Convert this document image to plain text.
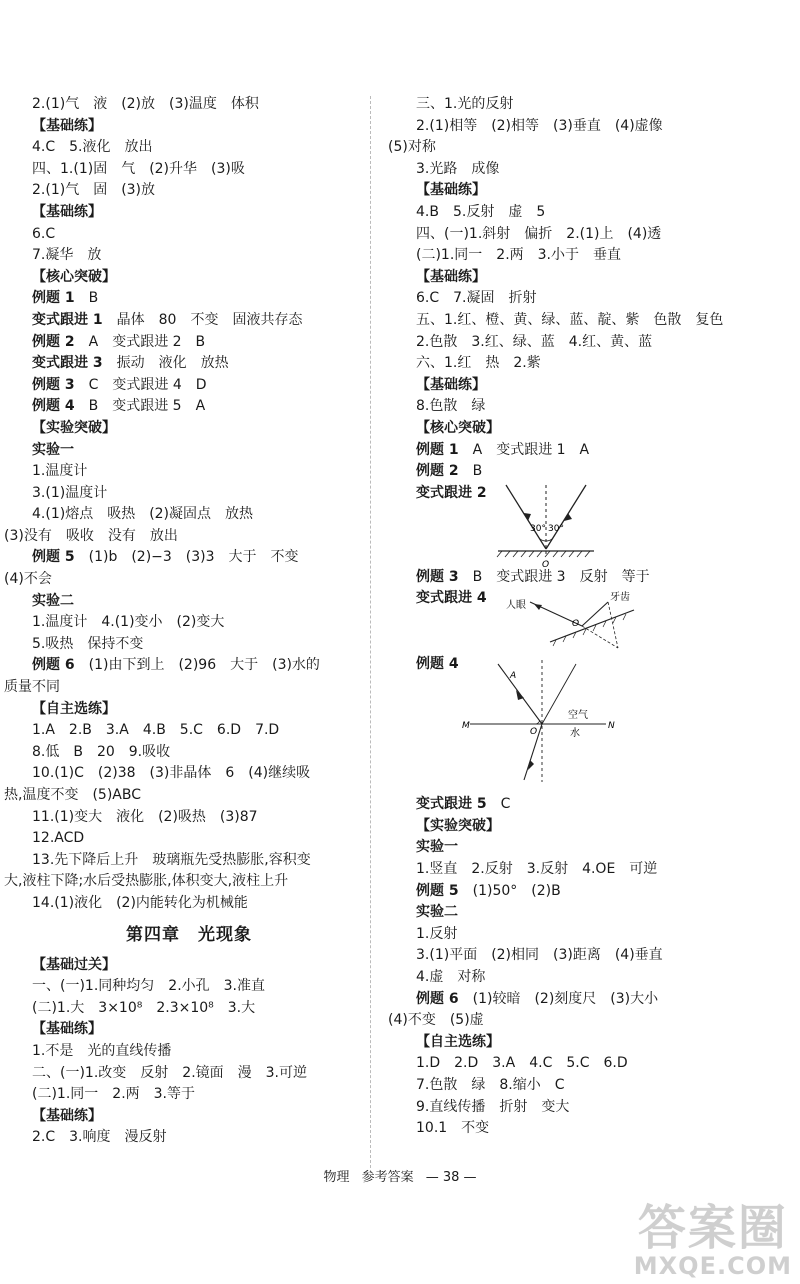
2.(1)气　液　(2)放　(3)温度　体积
【基础练】
4.C　5.液化　放出
四、1.(1)固　气　(2)升华　(3)吸
2.(1)气　固　(3)放
【基础练】
6.C
7.凝华　放
【核心突破】
例题 1　B
变式跟进 1　晶体　80　不变　固液共存态
例题 2　A　变式跟进 2　B
变式跟进 3　振动　液化　放热
例题 3　C　变式跟进 4　D
例题 4　B　变式跟进 5　A
【实验突破】
实验一
1.温度计
3.(1)温度计
4.(1)熔点　吸热　(2)凝固点　放热
(3)没有　吸收　没有　放出
例题 5　(1)b　(2)−3　(3)3　大于　不变
(4)不会
实验二
1.温度计　4.(1)变小　(2)变大
5.吸热　保持不变
例题 6　(1)由下到上　(2)96　大于　(3)水的
质量不同
【自主选练】
1.A　2.B　3.A　4.B　5.C　6.D　7.D
8.低　B　20　9.吸收
10.(1)C　(2)38　(3)非晶体　6　(4)继续吸
热,温度不变　(5)ABC
11.(1)变大　液化　(2)吸热　(3)87
12.ACD
13.先下降后上升　玻璃瓶先受热膨胀,容积变
大,液柱下降;水后受热膨胀,体积变大,液柱上升
14.(1)液化　(2)内能转化为机械能
第四章　光现象
【基础过关】
一、(一)1.同种均匀　2.小孔　3.准直
(二)1.大　3×10⁸　2.3×10⁸　3.大
【基础练】
1.不是　光的直线传播
二、(一)1.改变　反射　2.镜面　漫　3.可逆
(二)1.同一　2.两　3.等于
【基础练】
2.C　3.响度　漫反射
三、1.光的反射
2.(1)相等　(2)相等　(3)垂直　(4)虚像
(5)对称
3.光路　成像
【基础练】
4.B　5.反射　虚　5
四、(一)1.斜射　偏折　2.(1)上　(4)透
(二)1.同一　2.两　3.小于　垂直
【基础练】
6.C　7.凝固　折射
五、1.红、橙、黄、绿、蓝、靛、紫　色散　复色
2.色散　3.红、绿、蓝　4.红、黄、蓝
六、1.红　热　2.紫
【基础练】
8.色散　绿
【核心突破】
例题 1　A　变式跟进 1　A
例题 2　B
变式跟进 2
30° 30°
O
例题 3　B　变式跟进 3　反射　等于
变式跟进 4 人眼
牙齿
O
例题 4
M	N
O
A
空气
水
变式跟进 5　C
【实验突破】
实验一
1.竖直　2.反射　3.反射　4.OE　可逆
例题 5　(1)50°　(2)B
实验二
1.反射
3.(1)平面　(2)相同　(3)距离　(4)垂直
4.虚　对称
例题 6　(1)较暗　(2)刻度尺　(3)大小
(4)不变　(5)虚
【自主选练】
1.D　2.D　3.A　4.C　5.C　6.D
7.色散　绿　8.缩小　C
9.直线传播　折射　变大
10.1　不变
物理 参考答案 — 38 —
答案圈
MXQE.COM
